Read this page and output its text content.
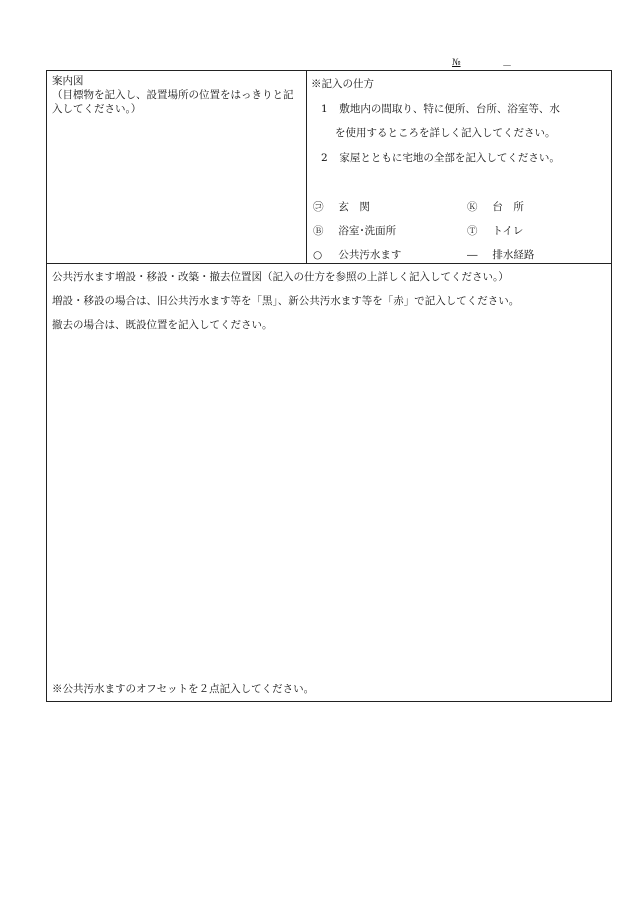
№	－
案内図
（目標物を記入し、設置場所の位置をはっきりと記入してください。）
※記入の仕方
1 敷地内の間取り、特に便所、台所、浴室等、水
を使用するところを詳しく記入してください。
2 家屋とともに宅地の全部を記入してください。
㋙ 玄　関	Ⓚ 台　所
Ⓑ 浴室･洗面所	Ⓣ トイレ
○ 公共汚水ます	― 排水経路
公共汚水ます増設・移設・改築・撤去位置図（記入の仕方を参照の上詳しく記入してください。）
増設・移設の場合は、旧公共汚水ます等を「黒」、新公共汚水ます等を「赤」で記入してください。
撤去の場合は、既設位置を記入してください。
※公共汚水ますのオフセットを２点記入してください。
